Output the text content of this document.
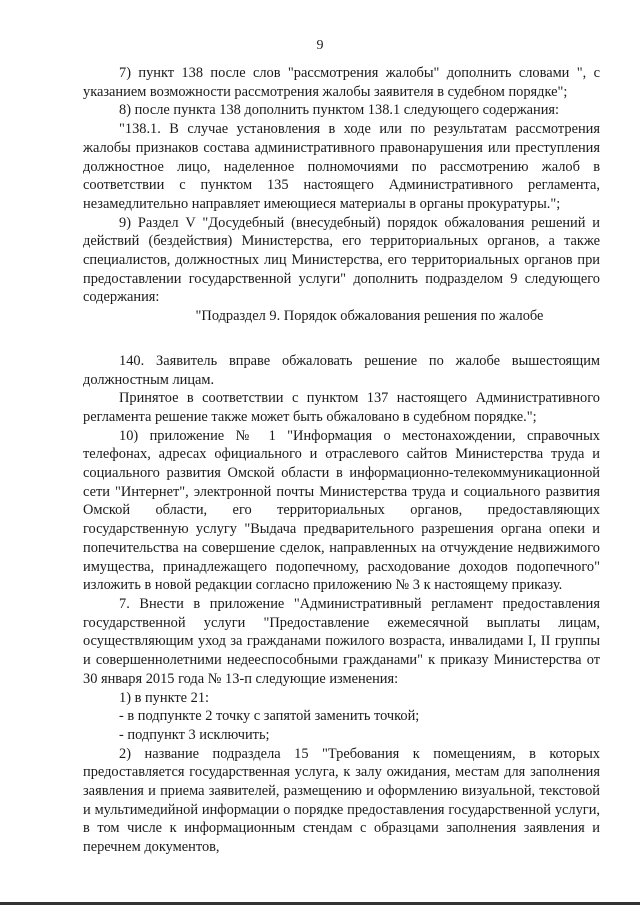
9

7) пункт 138 после слов "рассмотрения жалобы" дополнить словами ", с указанием возможности рассмотрения жалобы заявителя в судебном порядке";

8) после пункта 138 дополнить пунктом 138.1 следующего содержания:

"138.1. В случае установления в ходе или по результатам рассмотрения жалобы признаков состава административного правонарушения или преступления должностное лицо, наделенное полномочиями по рассмотрению жалоб в соответствии с пунктом 135 настоящего Административного регламента, незамедлительно направляет имеющиеся материалы в органы прокуратуры.";

9) Раздел V "Досудебный (внесудебный) порядок обжалования решений и действий (бездействия) Министерства, его территориальных органов, а также специалистов, должностных лиц Министерства, его территориальных органов при предоставлении государственной услуги" дополнить подразделом 9 следующего содержания:

"Подраздел 9. Порядок обжалования решения по жалобе

140. Заявитель вправе обжаловать решение по жалобе вышестоящим должностным лицам.

Принятое в соответствии с пунктом 137 настоящего Административного регламента решение также может быть обжаловано в судебном порядке.";

10) приложение № 1 "Информация о местонахождении, справочных телефонах, адресах официального и отраслевого сайтов Министерства труда и социального развития Омской области в информационно-телекоммуникационной сети "Интернет", электронной почты Министерства труда и социального развития Омской области, его территориальных органов, предоставляющих государственную услугу "Выдача предварительного разрешения органа опеки и попечительства на совершение сделок, направленных на отчуждение недвижимого имущества, принадлежащего подопечному, расходование доходов подопечного" изложить в новой редакции согласно приложению № 3 к настоящему приказу.

7. Внести в приложение "Административный регламент предоставления государственной услуги "Предоставление ежемесячной выплаты лицам, осуществляющим уход за гражданами пожилого возраста, инвалидами I, II группы и совершеннолетними недееспособными гражданами" к приказу Министерства от 30 января 2015 года № 13-п следующие изменения:

1) в пункте 21:

- в подпункте 2 точку с запятой заменить точкой;

- подпункт 3 исключить;

2) название подраздела 15 "Требования к помещениям, в которых предоставляется государственная услуга, к залу ожидания, местам для заполнения заявления и приема заявителей, размещению и оформлению визуальной, текстовой и мультимедийной информации о порядке предоставления государственной услуги, в том числе к информационным стендам с образцами заполнения заявления и перечнем документов,
